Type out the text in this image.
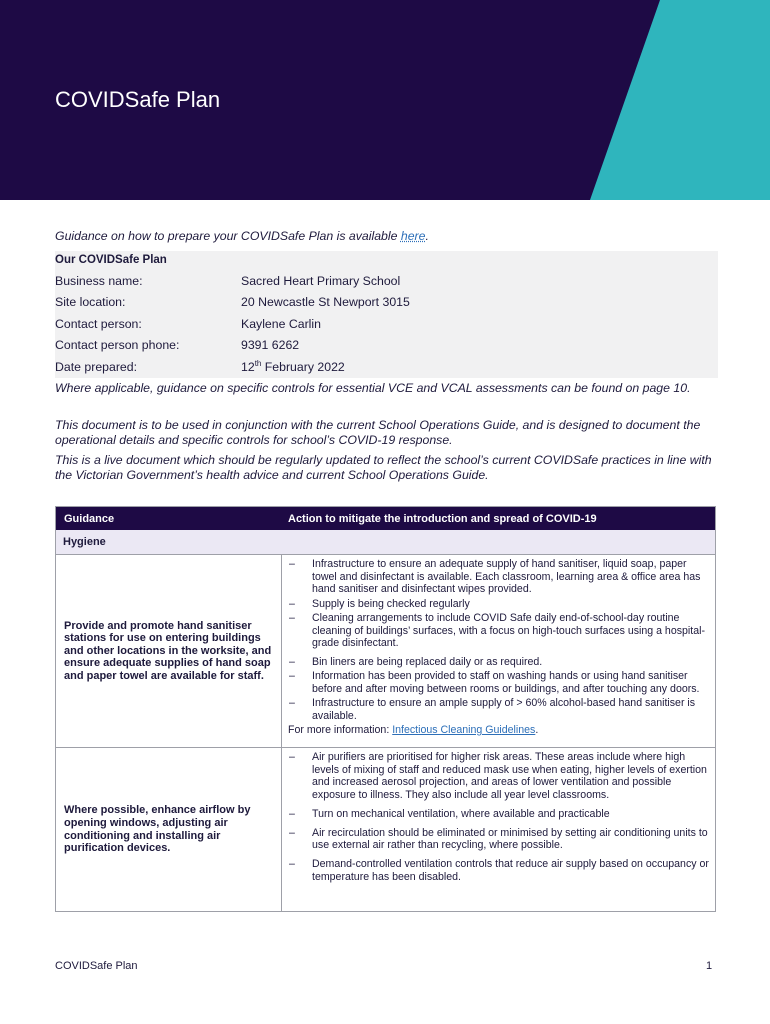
COVIDSafe Plan
Guidance on how to prepare your COVIDSafe Plan is available here.
Our COVIDSafe Plan
Business name:	Sacred Heart Primary School
Site location:	20 Newcastle St Newport 3015
Contact person:	Kaylene Carlin
Contact person phone:	9391 6262
Date prepared:	12th February 2022

Where applicable, guidance on specific controls for essential VCE and VCAL assessments can be found on page 10.

This document is to be used in conjunction with the current School Operations Guide, and is designed to document the operational details and specific controls for school’s COVID-19 response.

This is a live document which should be regularly updated to reflect the school’s current COVIDSafe practices in line with the Victorian Government’s health advice and current School Operations Guide.

Guidance	Action to mitigate the introduction and spread of COVID-19
Hygiene
Provide and promote hand sanitiser stations for use on entering buildings and other locations in the worksite, and ensure adequate supplies of hand soap and paper towel are available for staff.
–	Infrastructure to ensure an adequate supply of hand sanitiser, liquid soap, paper towel and disinfectant is available. Each classroom, learning area & office area has hand sanitiser and disinfectant wipes provided.
–	Supply is being checked regularly
–	Cleaning arrangements to include COVID Safe daily end-of-school-day routine cleaning of buildings’ surfaces, with a focus on high-touch surfaces using a hospital-grade disinfectant.
–	Bin liners are being replaced daily or as required.
–	Information has been provided to staff on washing hands or using hand sanitiser before and after moving between rooms or buildings, and after touching any doors.
–	Infrastructure to ensure an ample supply of > 60% alcohol-based hand sanitiser is available.
For more information: Infectious Cleaning Guidelines.
Where possible, enhance airflow by opening windows, adjusting air conditioning and installing air purification devices.
–	Air purifiers are prioritised for higher risk areas. These areas include where high levels of mixing of staff and reduced mask use when eating, higher levels of exertion and increased aerosol projection, and areas of lower ventilation and possible exposure to illness. They also include all year level classrooms.
–	Turn on mechanical ventilation, where available and practicable
–	Air recirculation should be eliminated or minimised by setting air conditioning units to use external air rather than recycling, where possible.
–	Demand-controlled ventilation controls that reduce air supply based on occupancy or temperature has been disabled.
COVIDSafe Plan	1
